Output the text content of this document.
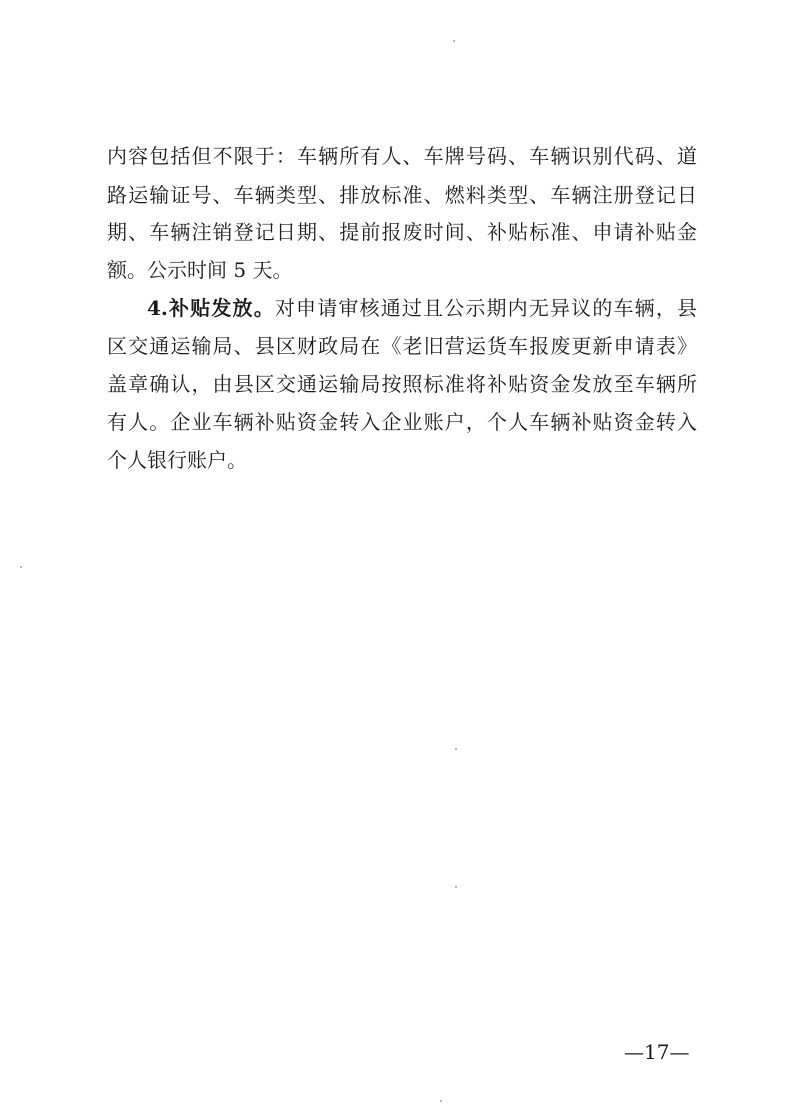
内容包括但不限于：车辆所有人、车牌号码、车辆识别代码、道
路运输证号、车辆类型、排放标准、燃料类型、车辆注册登记日
期、车辆注销登记日期、提前报废时间、补贴标准、申请补贴金
额。公示时间 5 天。
4.补贴发放。对申请审核通过且公示期内无异议的车辆，县
区交通运输局、县区财政局在《老旧营运货车报废更新申请表》
盖章确认，由县区交通运输局按照标准将补贴资金发放至车辆所
有人。企业车辆补贴资金转入企业账户，个人车辆补贴资金转入
个人银行账户。
—17—
